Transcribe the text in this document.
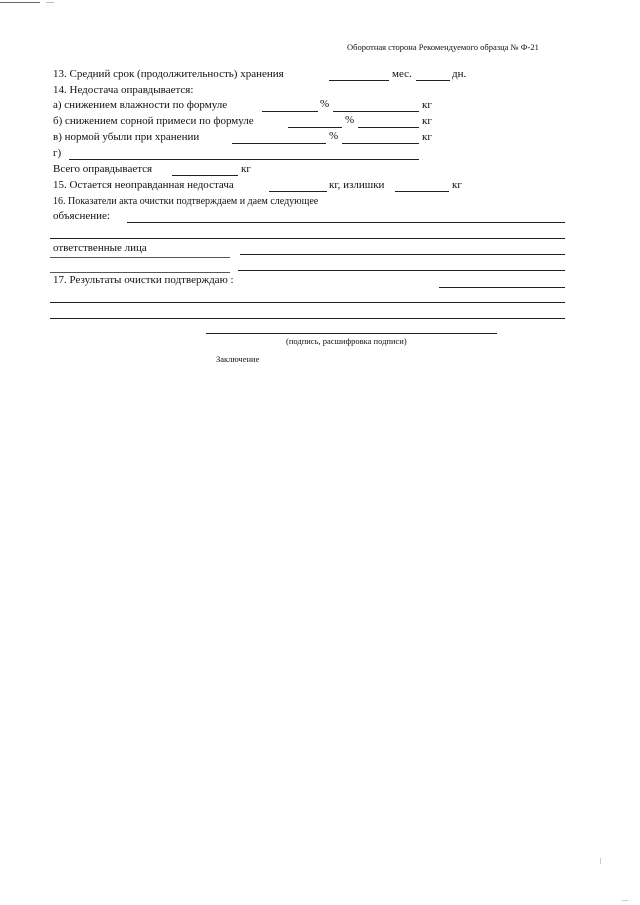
Оборотная сторона Рекомендуемого образца № Ф-21
13. Средний срок (продолжительность) хранения	мес.	дн.
14. Недостача оправдывается:
а) снижением влажности по формуле	%	кг
б) снижением сорной примеси по формуле	%	кг
в) нормой убыли при хранении	%	кг
г)
Всего оправдывается	кг
15. Остается неоправданная недостача	кг, излишки	кг
16. Показатели акта очистки подтверждаем и даем следующее
объяснение:
ответственные лица
17. Результаты очистки подтверждаю :
(подпись, расшифровка подписи)
Заключение
